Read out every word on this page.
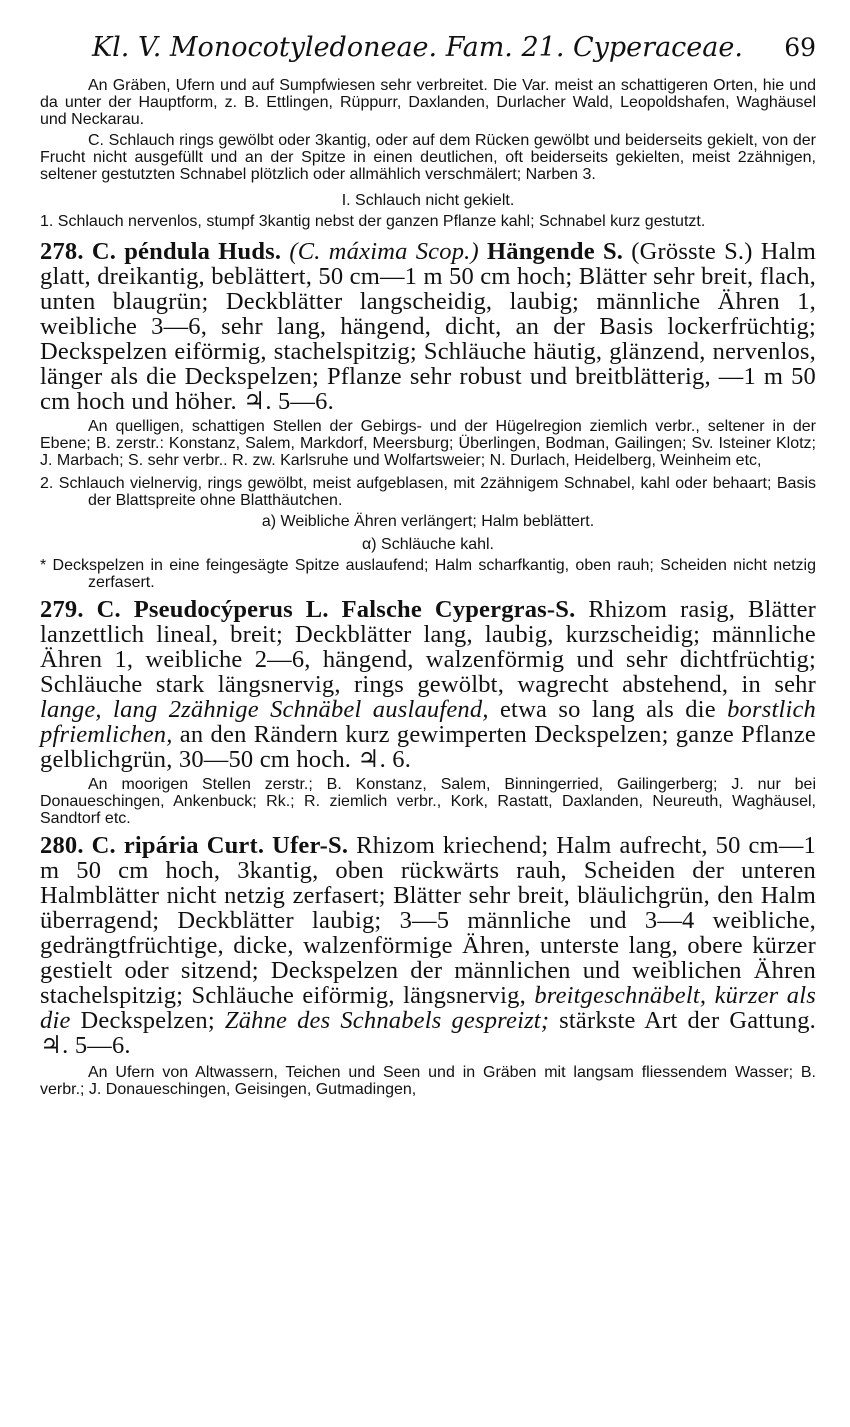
Kl. V. Monocotyledoneae. Fam. 21. Cyperaceae. 69

An Gräben, Ufern und auf Sumpfwiesen sehr verbreitet. Die Var. meist an schattigeren Orten, hie und da unter der Hauptform, z. B. Ettlingen, Rüppurr, Daxlanden, Durlacher Wald, Leopoldshafen, Waghäusel und Neckarau.

C. Schlauch rings gewölbt oder 3kantig, oder auf dem Rücken gewölbt und beiderseits gekielt, von der Frucht nicht ausgefüllt und an der Spitze in einen deutlichen, oft beiderseits gekielten, meist 2zähnigen, seltener gestutzten Schnabel plötzlich oder allmählich verschmälert; Narben 3.

I. Schlauch nicht gekielt.

1. Schlauch nervenlos, stumpf 3kantig nebst der ganzen Pflanze kahl; Schnabel kurz gestutzt.

278. C. péndula Huds. (C. máxima Scop.) Hängende S. (Grösste S.) Halm glatt, dreikantig, beblättert, 50 cm—1 m 50 cm hoch; Blätter sehr breit, flach, unten blaugrün; Deckblätter langscheidig, laubig; männliche Ähren 1, weibliche 3—6, sehr lang, hängend, dicht, an der Basis lockerfrüchtig; Deckspelzen eiförmig, stachelspitzig; Schläuche häutig, glänzend, nervenlos, länger als die Deckspelzen; Pflanze sehr robust und breitblätterig, —1 m 50 cm hoch und höher. ♃. 5—6.

An quelligen, schattigen Stellen der Gebirgs- und der Hügelregion ziemlich verbr., seltener in der Ebene; B. zerstr.: Konstanz, Salem, Markdorf, Meersburg; Überlingen, Bodman, Gailingen; Sv. Isteiner Klotz; J. Marbach; S. sehr verbr.. R. zw. Karlsruhe und Wolfartsweier; N. Durlach, Heidelberg, Weinheim etc,

2. Schlauch vielnervig, rings gewölbt, meist aufgeblasen, mit 2zähnigem Schnabel, kahl oder behaart; Basis der Blattspreite ohne Blatthäutchen.

a) Weibliche Ähren verlängert; Halm beblättert.

α) Schläuche kahl.

* Deckspelzen in eine feingesägte Spitze auslaufend; Halm scharfkantig, oben rauh; Scheiden nicht netzig zerfasert.

279. C. Pseudocýperus L. Falsche Cypergras-S. Rhizom rasig, Blätter lanzettlich lineal, breit; Deckblätter lang, laubig, kurzscheidig; männliche Ähren 1, weibliche 2—6, hängend, walzenförmig und sehr dichtfrüchtig; Schläuche stark längsnervig, rings gewölbt, wagrecht abstehend, in sehr lange, lang 2zähnige Schnäbel auslaufend, etwa so lang als die borstlich pfriemlichen, an den Rändern kurz gewimperten Deckspelzen; ganze Pflanze gelblichgrün, 30—50 cm hoch. ♃. 6.

An moorigen Stellen zerstr.; B. Konstanz, Salem, Binningerried, Gailingerberg; J. nur bei Donaueschingen, Ankenbuck; Rk.; R. ziemlich verbr., Kork, Rastatt, Daxlanden, Neureuth, Waghäusel, Sandtorf etc.

280. C. ripária Curt. Ufer-S. Rhizom kriechend; Halm aufrecht, 50 cm—1 m 50 cm hoch, 3kantig, oben rückwärts rauh, Scheiden der unteren Halmblätter nicht netzig zerfasert; Blätter sehr breit, bläulichgrün, den Halm überragend; Deckblätter laubig; 3—5 männliche und 3—4 weibliche, gedrängtfrüchtige, dicke, walzenförmige Ähren, unterste lang, obere kürzer gestielt oder sitzend; Deckspelzen der männlichen und weiblichen Ähren stachelspitzig; Schläuche eiförmig, längsnervig, breitgeschnäbelt, kürzer als die Deckspelzen; Zähne des Schnabels gespreizt; stärkste Art der Gattung. ♃. 5—6.

An Ufern von Altwassern, Teichen und Seen und in Gräben mit langsam fliessendem Wasser; B. verbr.; J. Donaueschingen, Geisingen, Gutmadingen,
